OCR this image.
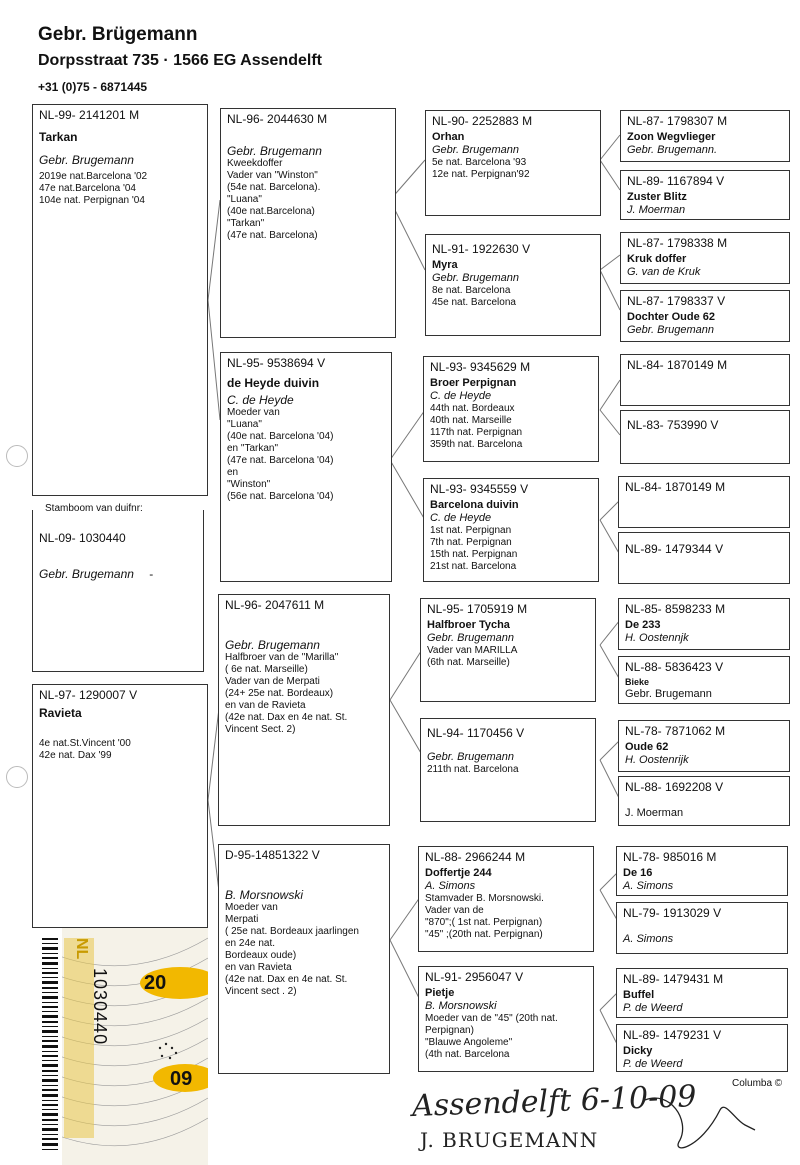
Gebr. Brügemann
Dorpsstraat 735 · 1566 EG Assendelft
+31 (0)75 - 6871445
NL-99- 2141201 M
Tarkan
Gebr. Brugemann
2019e nat.Barcelona '02
47e nat.Barcelona '04
104e nat. Perpignan '04
Stamboom van duifnr:
NL-09- 1030440
Gebr. Brugemann -
NL-97- 1290007 V
Ravieta
4e nat.St.Vincent '00
42e nat. Dax '99
NL-96- 2044630 M
Gebr. Brugemann
Kweekdoffer
Vader van "Winston"
(54e nat. Barcelona).
"Luana"
(40e nat.Barcelona)
"Tarkan"
(47e nat. Barcelona)
NL-95- 9538694 V
de Heyde duivin
C. de Heyde
Moeder van
"Luana"
(40e nat. Barcelona '04)
en "Tarkan"
(47e nat. Barcelona '04)
en
"Winston"
(56e nat. Barcelona '04)
NL-96- 2047611 M
Gebr. Brugemann
Halfbroer van de "Marilla"
( 6e nat. Marseille)
Vader van de Merpati
(24+ 25e nat. Bordeaux)
en van de Ravieta
(42e nat. Dax en 4e nat. St.
Vincent Sect. 2)
D-95-14851322 V
B. Morsnowski
Moeder van
Merpati
( 25e nat. Bordeaux jaarlingen
en 24e nat.
Bordeaux oude)
en van Ravieta
(42e nat. Dax en 4e nat. St.
Vincent sect . 2)
NL-90- 2252883 M
Orhan
Gebr. Brugemann
5e nat. Barcelona '93
12e nat. Perpignan'92
NL-91- 1922630 V
Myra
Gebr. Brugemann
8e nat. Barcelona
45e nat. Barcelona
NL-93- 9345629 M
Broer Perpignan
C. de Heyde
44th nat. Bordeaux
40th nat. Marseille
117th nat. Perpignan
359th nat. Barcelona
NL-93- 9345559 V
Barcelona duivin
C. de Heyde
1st nat. Perpignan
7th nat. Perpignan
15th nat. Perpignan
21st nat. Barcelona
NL-95- 1705919 M
Halfbroer Tycha
Gebr. Brugemann
Vader van MARILLA
(6th nat. Marseille)
NL-94- 1170456 V
Gebr. Brugemann
211th nat. Barcelona
NL-88- 2966244 M
Doffertje 244
A. Simons
Stamvader B. Morsnowski.
Vader van de
"870";( 1st nat. Perpignan)
"45" ;(20th nat. Perpignan)
NL-91- 2956047 V
Pietje
B. Morsnowski
Moeder van de "45" (20th nat.
Perpignan)
"Blauwe Angoleme"
(4th nat. Barcelona
NL-87- 1798307 M
Zoon Wegvlieger
Gebr. Brugemann.
NL-89- 1167894 V
Zuster Blitz
J. Moerman
NL-87- 1798338 M
Kruk doffer
G. van de Kruk
NL-87- 1798337 V
Dochter Oude 62
Gebr. Brugemann
NL-84- 1870149 M
NL-83- 753990 V
NL-84- 1870149 M
NL-89- 1479344 V
NL-85- 8598233 M
De 233
H. Oostennjk
NL-88- 5836423 V
Bieke
Gebr. Brugemann
NL-78- 7871062 M
Oude 62
H. Oostenrijk
NL-88- 1692208 V
J. Moerman
NL-78- 985016 M
De 16
A. Simons
NL-79- 1913029 V
A. Simons
NL-89- 1479431 M
Buffel
P. de Weerd
NL-89- 1479231 V
Dicky
P. de Weerd
Columba ©
Assendelft 6-10-09
J. BRUGEMANN
NL
1030440 20
09
